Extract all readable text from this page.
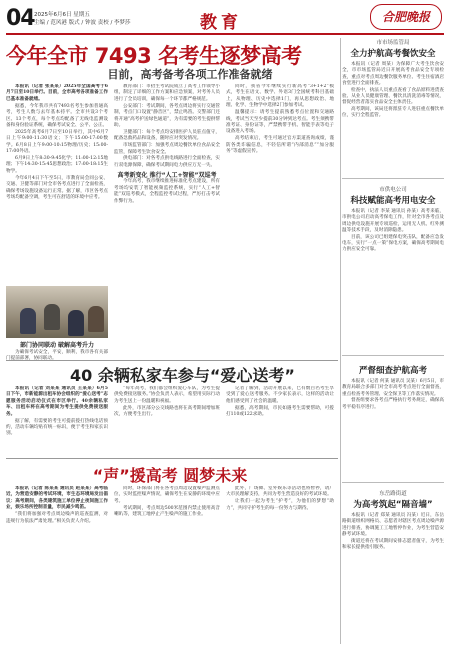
04 2025年6月6日 星期五
主编 / 范风港 版式 / 钟波 责校 / 李梦莎	教育	合肥晚报
今年全市 7493 名考生逐梦高考
目前，高考备考各项工作准备就绪

本报讯（记者 张某某）2025年全国高考于6月7日至10日举行。目前，全市高考各项准备工作已基本准备就绪。

据悉，今年我市共有7493名考生参加普通高考，考生人数与去年基本持平。全市共设3个考区、13个考点，每个考点均配备了无线电监测设备和身份验证系统，确保考试安全、公平、公正。

2025年高考6月7日至10日举行，其中6月7日上午9:00-11:30语文；下午15:00-17:00数学。6月8日上午9:00-10:15物理/历史；15:00-17:00外语。

6月9日上午8:30-9:45化学；11:00-12:15地理；下午14:30-15:45思想政治；17:00-18:15生物学。

今年6月4日下午至5日，市教育局会同公安、交通、卫健等部门对全市各考点进行了全面检查，确保考场设施设备运行正常。据了解，市区各考点考场均配备空调，考生可在舒适的环境中应考。

部门协同联动 破解高考升力

为确保考试安全，平安，顺利，我市各有关部门提前部署，协同联动。

教育部门：市招生考试院成立了高考工作领导小组，制定了详细的工作方案和应急预案，对考务人员进行了全员培训，确保每一个环节都严格规范。

公安部门：考试期间，各考点周边将实行交通管制，考点门口设置“静音区”，禁止鸣笛。交警部门还将开通“高考护送绿色通道”，为有需要的考生提供帮助。

卫健部门：每个考点均安排医护人员驻点值守，配备急救药品和设备，随时应对突发情况。

市场监管部门：加强考点周边餐饮单位食品安全监管，保障考生饮食安全。

供电部门：对各考点供电线路进行全面检查，实行双电源保障，确保考试期间电力供应万无一失。

高考新变化 推行“人工+智能”双巡考

今年高考，我市继续推进标准化考点建设，所有考场均安装了智能视频监控系统，实行“人工+智能”双巡考模式，全程监控考试过程，严厉打击考试作弊行为。

同时，我省今年继续实行新高考“3+1+2”模式，考生在语文、数学、外语3门全国统考科目基础上，从物理、历史中选择1门，再从思想政治、地理、化学、生物学中选择2门参加考试。

温馨提示：请考生提前熟悉考点位置和交通路线，考试当天至少提前30分钟到达考点。考生须携带准考证、身份证等，严禁携带手机、智能手表等电子设备进入考场。

高考结束后，考生可通过官方渠道查询成绩，谨防各类诈骗信息，不轻信所谓“内部消息”“加分服务”等虚假宣传。

40 余辆私家车参与“爱心送考”

本报讯（记者 刘某某 通讯员 王某某）6月5日下午，市新能源出租车协会组织的“爱心送考”志愿服务活动启动仪式在市区举行。40余辆私家车、出租车将在高考期间为考生提供免费接送服务。

据了解，有需要的考生可提前拨打热线电话预约，活动车辆均贴有统一标识，便于考生和家长识别。

“每年高考，我们都会组织爱心车队，为考生提供免费接送服务。”协会负责人表示，希望用实际行动为考生送上一份温暖和祝福。

此外，市区部分公交线路也将在高考期间增加班次，方便考生出行。

记者了解到，活动开展以来，已有数百名考生享受到了爱心送考服务。不少家长表示，这样的活动让他们感受到了社会的温暖。

据悉，高考期间，市民如遇考生需要帮助，可拨打110或122求助。

“声”援高考 圆梦未来

本报讯（记者 陈某某 通讯员 赵某某）高考临近，为营造安静的考试环境，市生态环境局发出倡议：高考期间，各类建筑施工单位停止夜间施工作业，娱乐场所控制音量，市民减少鸣笛。

“我们将加强对考点周边噪声的巡查监测，对违规行为依法严肃处理。”相关负责人介绍。

同时，环保部门将在各考点周边设置噪声监测点位，实时监控噪声情况，确保考生在安静的环境中应考。

考试期间，考点周边500米范围内禁止使用高音喇叭等，建筑工地停止产生噪声的施工作业。

此外，广场舞、室外娱乐等活动也将暂停，请广大市民理解支持，共同为考生营造良好的考试环境。

让我们一起为考生“护考”，为他们的梦想“助力”，共同守护考生的每一份努力与期待。

市市场监管局
全力护航高考餐饮安全

本报讯（记者 周某）为保障广大考生饮食安全，市市场监管局近日开展高考食品安全专项检查，重点对考点周边餐饮服务单位、考生住宿酒店食堂进行全面排查。

检查中，执法人员重点查看了食品原料进货查验、从业人员健康管理、餐饮具清洗消毒等情况，督促经营者落实食品安全主体责任。

高考期间，该局还将派驻专人进驻重点餐饮单位，实行全程监管。

市供电公司
科技赋能高考用电安全

本报讯（记者 李某 通讯员 孙某）高考来临，市供电公司启动高考保电工作，针对全市各考点及周边供电设施开展专项巡检，运用无人机、红外测温等技术手段，及时消除隐患。

目前，该公司已组建保电突击队，配备应急发电车，实行“一点一策”保电方案，确保高考期间电力供应安全可靠。

严督细查护航高考

本报讯（记者 何某 通讯员 吴某）6月5日，市教育局联合多部门对全市高考考点进行全面督查，重点检查考务管理、安全保卫等工作落实情况。

督查组要求各考点严格执行考务规定，确保高考平稳有序进行。

东岳路街道
为高考筑起“隔音墙”

本报讯（记者 郑某 通讯员 冯某）近日，东岳路街道组织网格员、志愿者对辖区考点周边噪声源进行排查，协调施工工地暂停作业，为考生营造安静考试环境。

街道还将在考试期间安排志愿者值守，为考生和家长提供指引服务。
